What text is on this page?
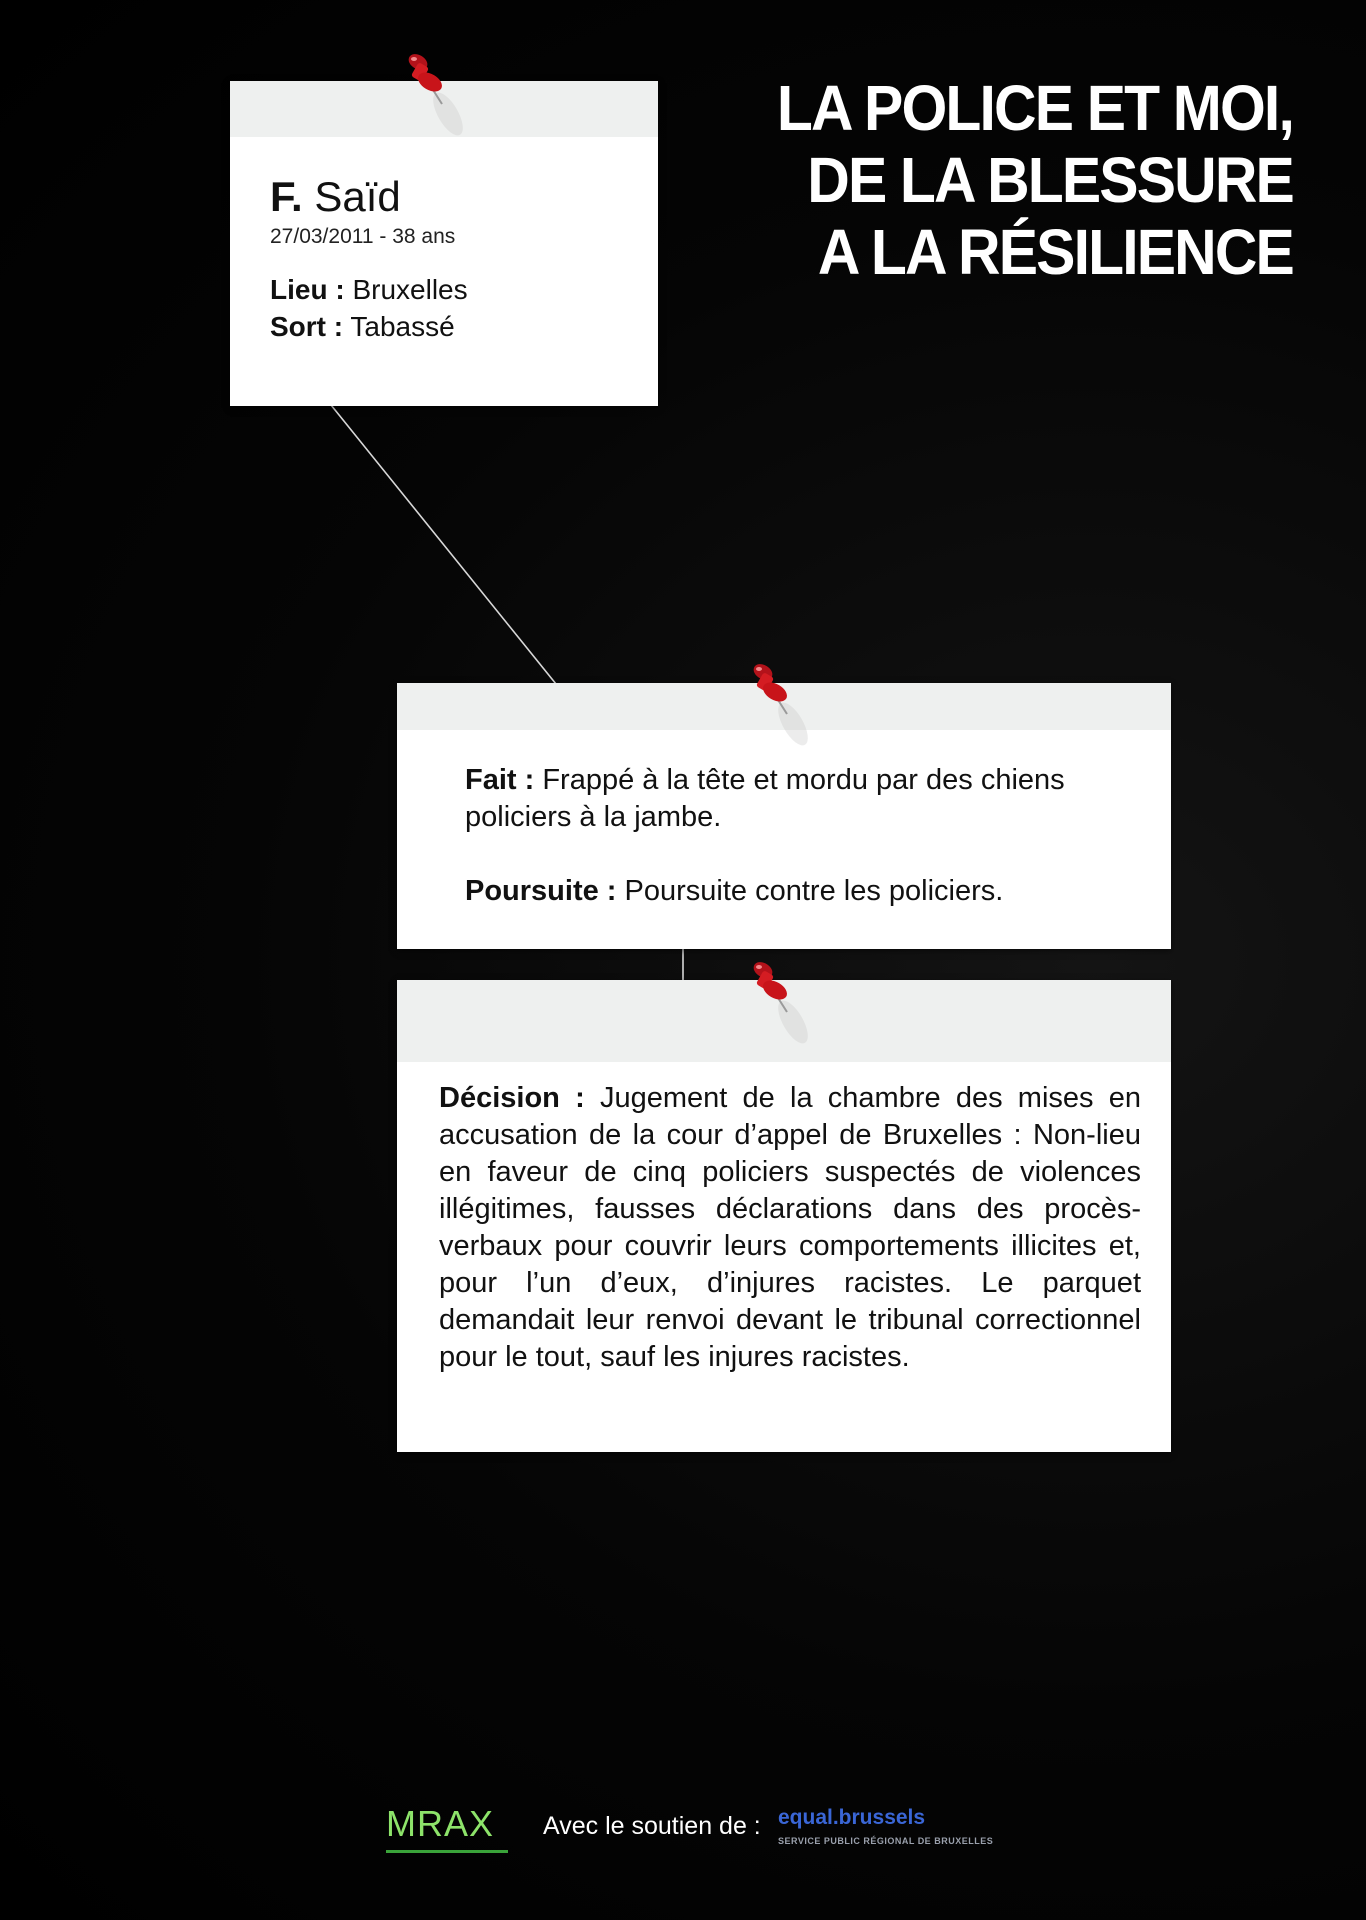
LA POLICE ET MOI,
DE LA BLESSURE
A LA RÉSILIENCE
F. Saïd
27/03/2011 - 38 ans
Lieu : Bruxelles
Sort : Tabassé

Fait : Frappé à la tête et mordu par des chiens policiers à la jambe.

Poursuite : Poursuite contre les policiers.

Décision : Jugement de la chambre des mises en accusation de la cour d’appel de Bruxelles : Non-lieu en faveur de cinq policiers suspectés de violences illégitimes, fausses déclarations dans des procès-verbaux pour couvrir leurs comportements illicites et, pour l’un d’eux, d’injures racistes. Le parquet demandait leur renvoi devant le tribunal correctionnel pour le tout, sauf les injures racistes.

MRAX Avec le soutien de : equal.brussels
SERVICE PUBLIC RÉGIONAL DE BRUXELLES
